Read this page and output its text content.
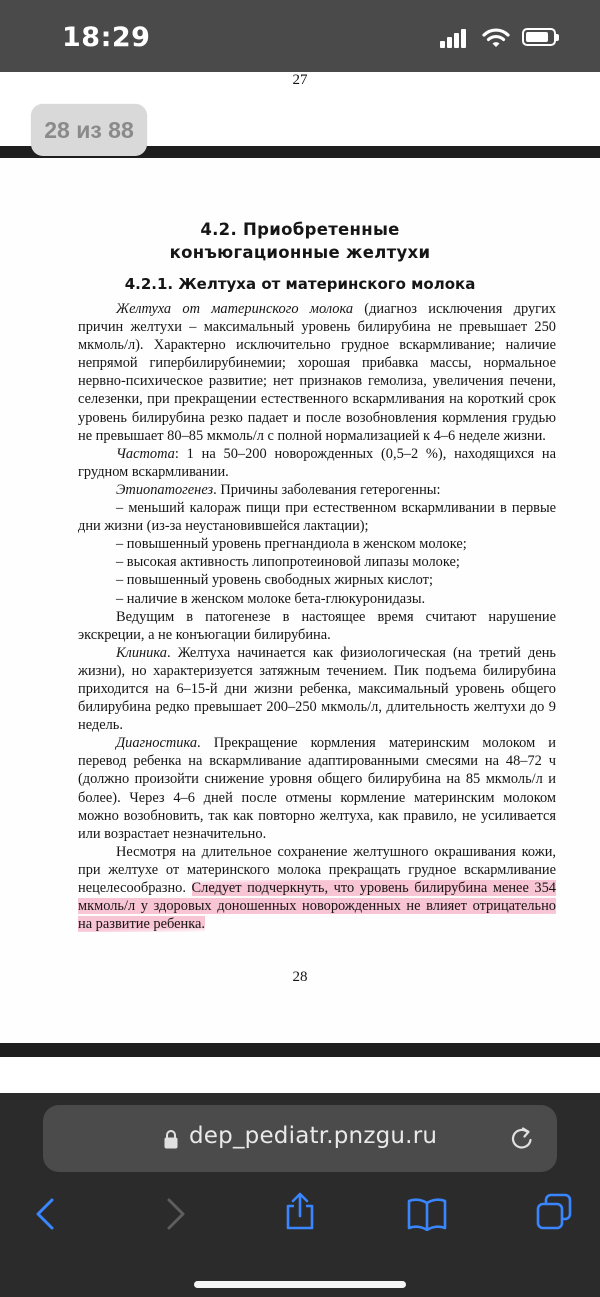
18:29
27
28 из 88
4.2. Приобретенные
конъюгационные желтухи
4.2.1. Желтуха от материнского молока

Желтуха от материнского молока (диагноз исключения других причин желтухи – максимальный уровень билирубина не превышает 250 мкмоль/л). Характерно исключительно грудное вскармливание; наличие непрямой гипербилирубинемии; хорошая прибавка массы, нормальное нервно-психическое развитие; нет признаков гемолиза, увеличения печени, селезенки, при прекращении естественного вскармливания на короткий срок уровень билирубина резко падает и после возобновления кормления грудью не превышает 80–85 мкмоль/л с полной нормализацией к 4–6 неделе жизни.

Частота: 1 на 50–200 новорожденных (0,5–2 %), находящихся на грудном вскармливании.

Этиопатогенез. Причины заболевания гетерогенны:

– меньший калораж пищи при естественном вскармливании в первые дни жизни (из-за неустановившейся лактации);

– повышенный уровень прегнандиола в женском молоке;

– высокая активность липопротеиновой липазы молоке;

– повышенный уровень свободных жирных кислот;

– наличие в женском молоке бета-глюкуронидазы.

Ведущим в патогенезе в настоящее время считают нарушение экскреции, а не конъюгации билирубина.

Клиника. Желтуха начинается как физиологическая (на третий день жизни), но характеризуется затяжным течением. Пик подъема билирубина приходится на 6–15-й дни жизни ребенка, максимальный уровень общего билирубина редко превышает 200–250 мкмоль/л, длительность желтухи до 9 недель.

Диагностика. Прекращение кормления материнским молоком и перевод ребенка на вскармливание адаптированными смесями на 48–72 ч (должно произойти снижение уровня общего билирубина на 85 мкмоль/л и более). Через 4–6 дней после отмены кормление материнским молоком можно возобновить, так как повторно желтуха, как правило, не усиливается или возрастает незначительно.

Несмотря на длительное сохранение желтушного окрашивания кожи, при желтухе от материнского молока прекращать грудное вскармливание нецелесообразно. Следует подчеркнуть, что уровень билирубина менее 354 мкмоль/л у здоровых доношенных новорожденных не влияет отрицательно на развитие ребенка.

28
dep_pediatr.pnzgu.ru
